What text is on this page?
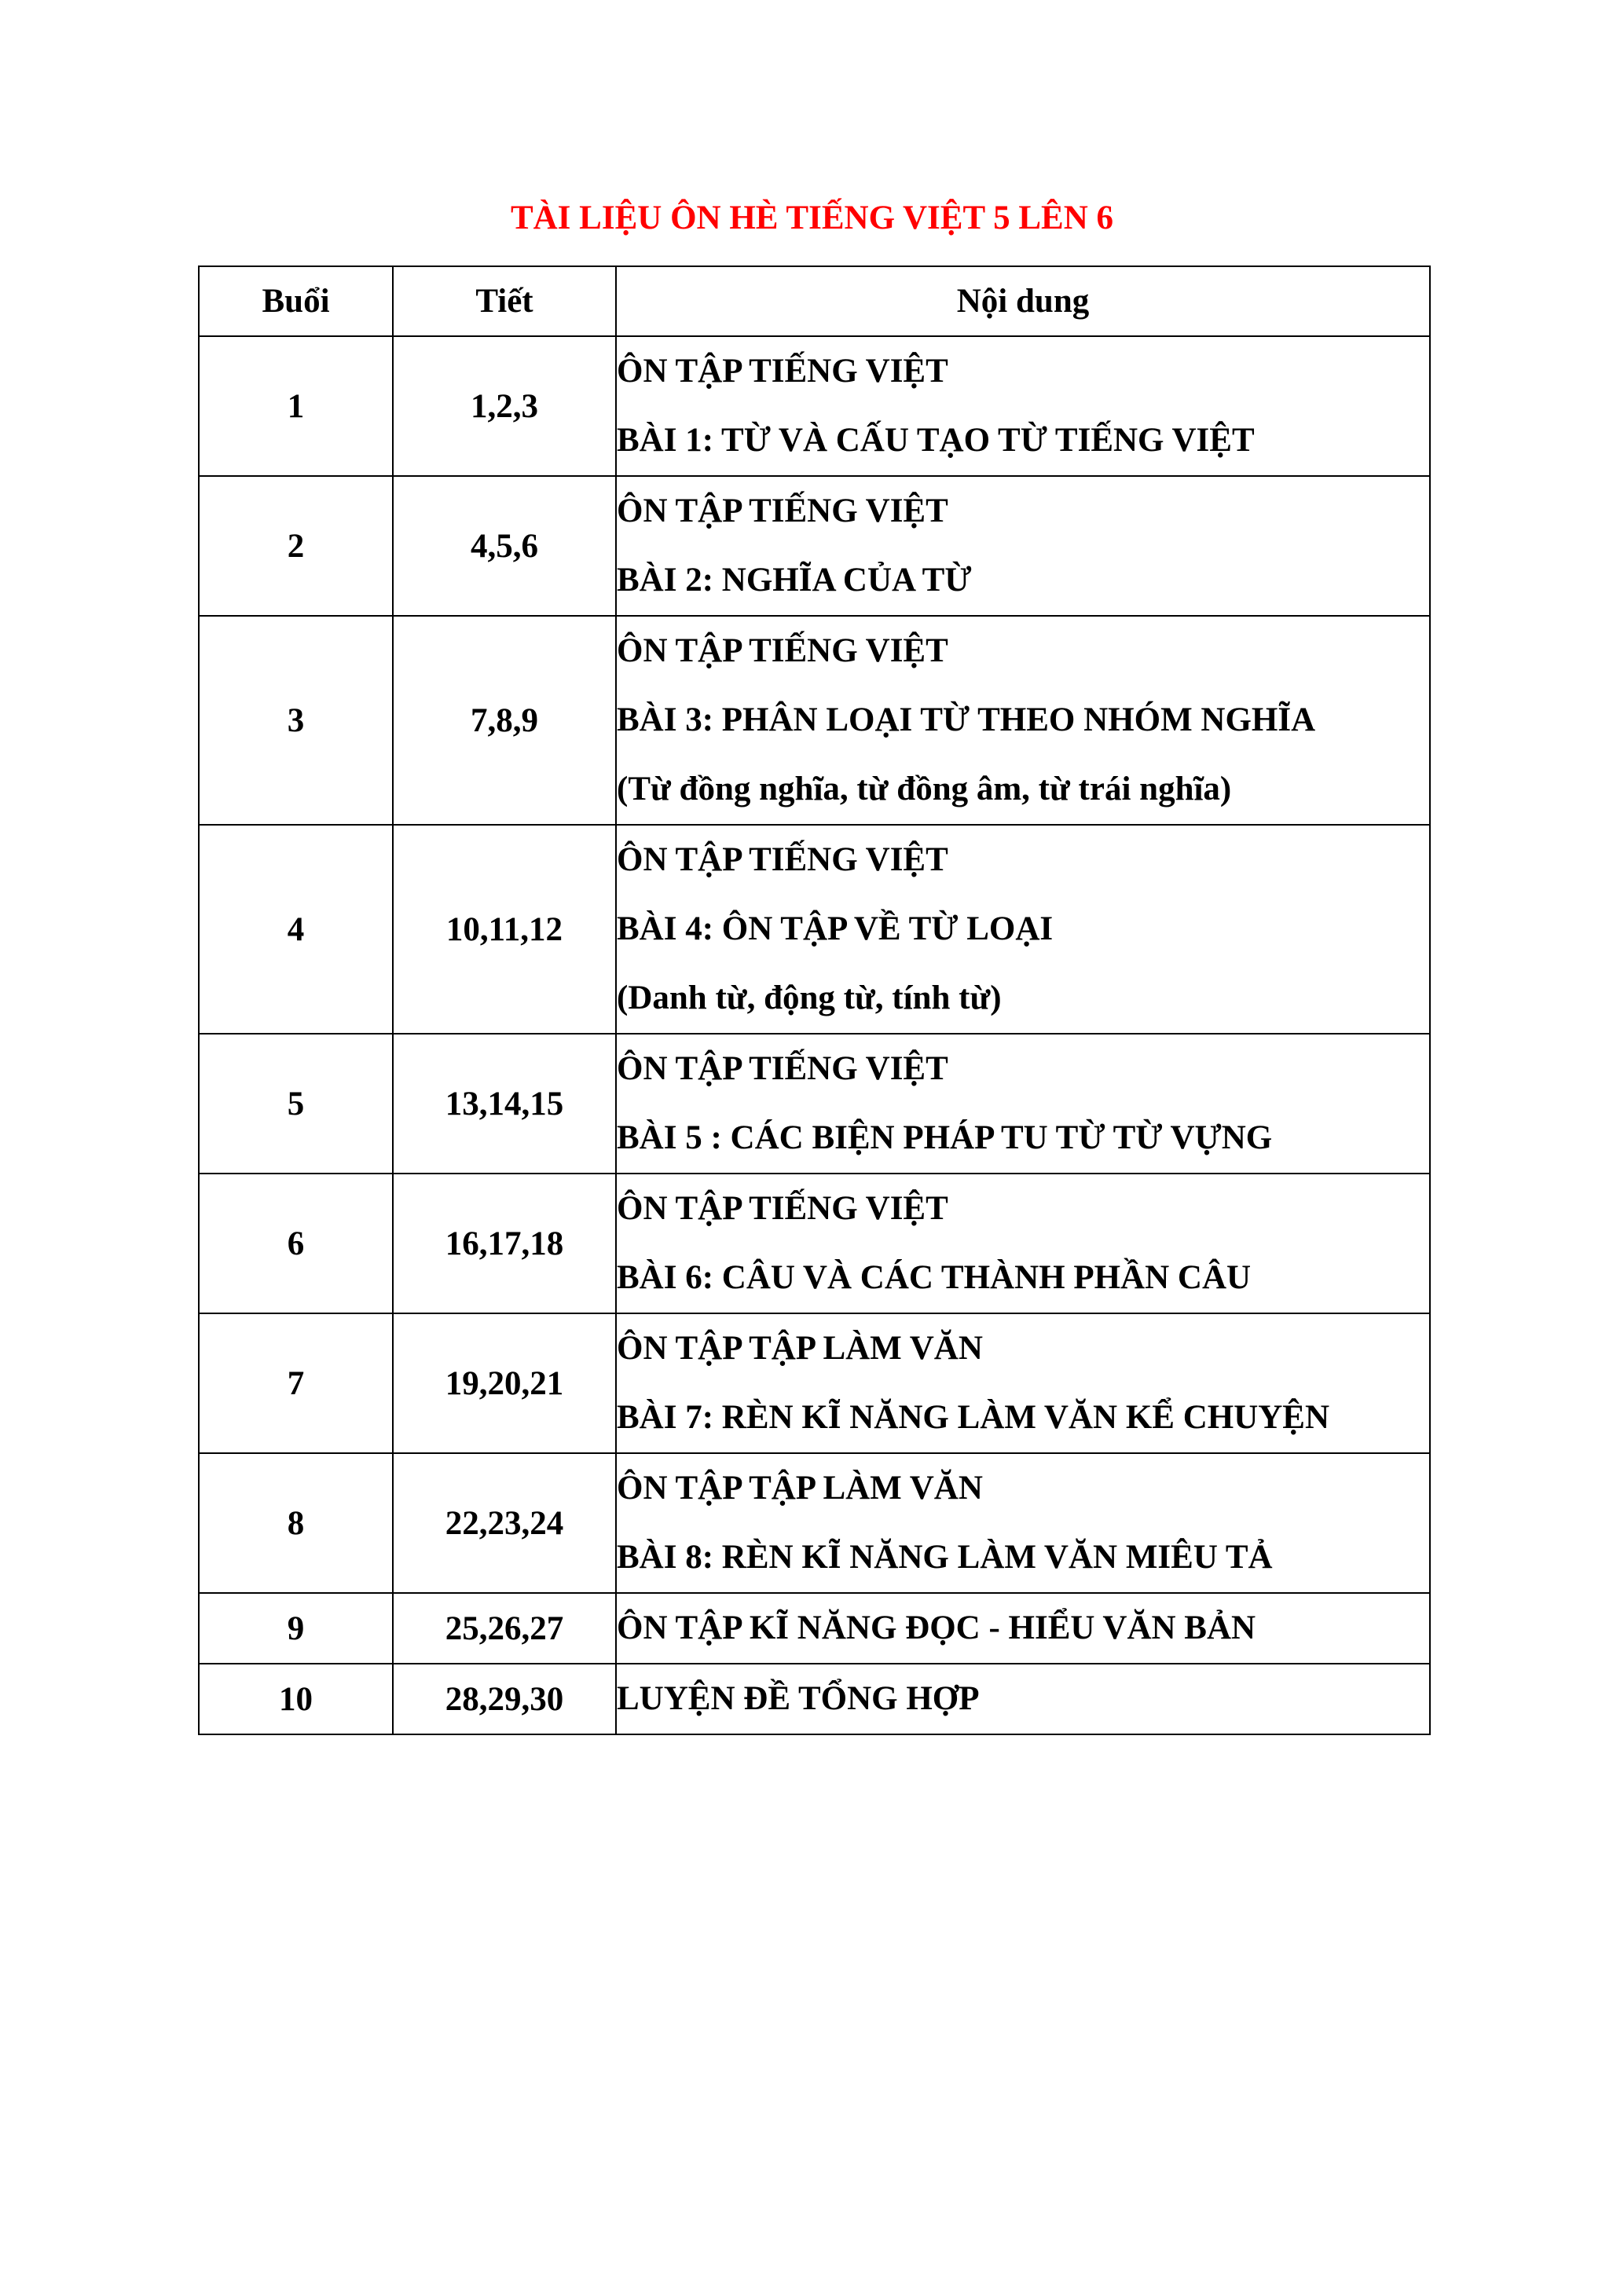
TÀI LIỆU ÔN HÈ TIẾNG VIỆT 5 LÊN 6
Buổi	Tiết	Nội dung
1	1,2,3	ÔN TẬP TIẾNG VIỆT
BÀI 1: TỪ VÀ CẤU TẠO TỪ TIẾNG VIỆT

2	4,5,6	ÔN TẬP TIẾNG VIỆT
BÀI 2: NGHĨA CỦA TỪ

3	7,8,9	ÔN TẬP TIẾNG VIỆT
BÀI 3: PHÂN LOẠI TỪ THEO NHÓM NGHĨA
(Từ đồng nghĩa, từ đồng âm, từ trái nghĩa)

4	10,11,12	ÔN TẬP TIẾNG VIỆT
BÀI 4: ÔN TẬP VỀ TỪ LOẠI
(Danh từ, động từ, tính từ)

5	13,14,15	ÔN TẬP TIẾNG VIỆT
BÀI 5 : CÁC BIỆN PHÁP TU TỪ TỪ VỰNG

6	16,17,18	ÔN TẬP TIẾNG VIỆT
BÀI 6: CÂU VÀ CÁC THÀNH PHẦN CÂU

7	19,20,21	ÔN TẬP TẬP LÀM VĂN
BÀI 7: RÈN KĨ NĂNG LÀM VĂN KỂ CHUYỆN

8	22,23,24	ÔN TẬP TẬP LÀM VĂN
BÀI 8: RÈN KĨ NĂNG LÀM VĂN MIÊU TẢ

9	25,26,27	ÔN TẬP KĨ NĂNG ĐỌC - HIỂU VĂN BẢN

10	28,29,30	LUYỆN ĐỀ TỔNG HỢP
